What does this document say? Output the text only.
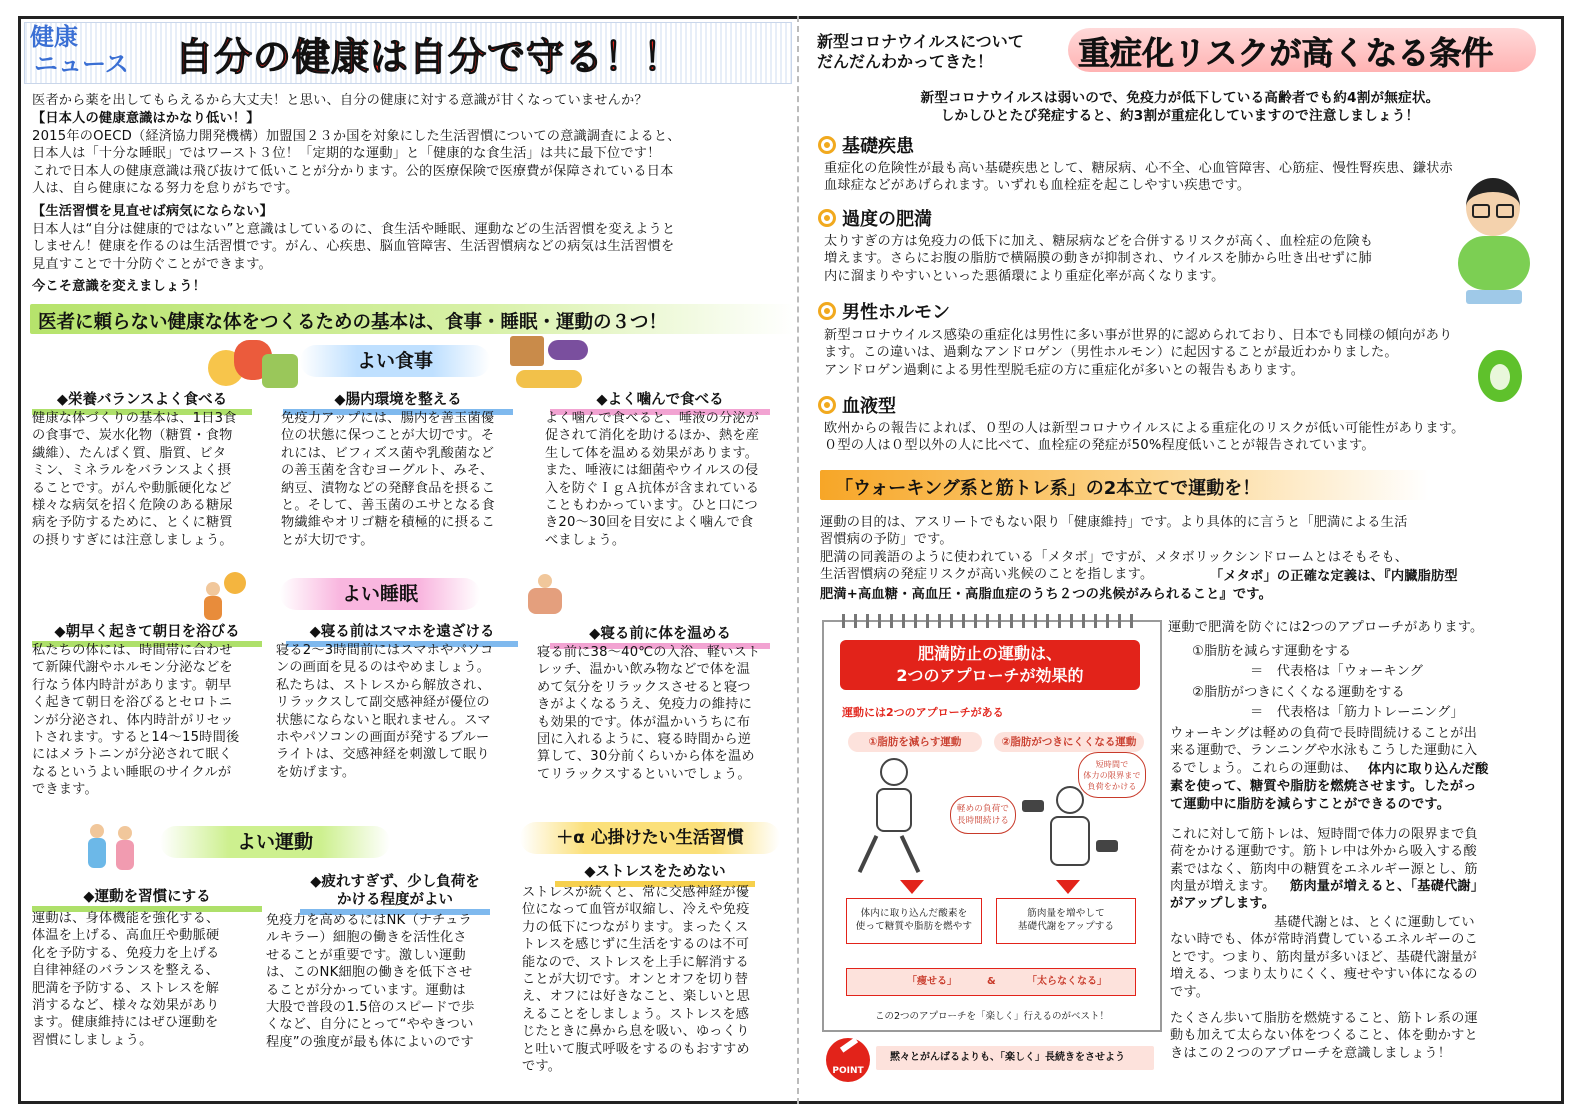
健康
ニュース	自分の健康は自分で守る！！
医者から薬を出してもらえるから大丈夫！と思い、自分の健康に対する意識が甘くなっていませんか？
【日本人の健康意識はかなり低い！】
2015年のOECD（経済協力開発機構）加盟国２３か国を対象にした生活習慣についての意識調査によると、
日本人は「十分な睡眠」ではワースト３位！「定期的な運動」と「健康的な食生活」は共に最下位です！
これで日本人の健康意識は飛び抜けて低いことが分かります。公的医療保険で医療費が保障されている日本
人は、自ら健康になる努力を怠りがちです。
【生活習慣を見直せば病気にならない】
日本人は“自分は健康的ではない”と意識はしているのに、食生活や睡眠、運動などの生活習慣を変えようと
しません！健康を作るのは生活習慣です。がん、心疾患、脳血管障害、生活習慣病などの病気は生活習慣を
見直すことで十分防ぐことができます。
今こそ意識を変えましょう！
医者に頼らない健康な体をつくるための基本は、食事・睡眠・運動の３つ！
よい食事
◆栄養バランスよく食べる
健康な体づくりの基本は、1日3食
の食事で、炭水化物（糖質・食物
繊維）、たんぱく質、脂質、ビタ
ミン、ミネラルをバランスよく摂
ることです。がんや動脈硬化など
様々な病気を招く危険のある糖尿
病を予防するために、とくに糖質
の摂りすぎには注意しましょう。
◆腸内環境を整える
免疫力アップには、腸内を善玉菌優
位の状態に保つことが大切です。そ
れには、ビフィズス菌や乳酸菌など
の善玉菌を含むヨーグルト、みそ、
納豆、漬物などの発酵食品を摂るこ
と。そして、善玉菌のエサとなる食
物繊維やオリゴ糖を積極的に摂るこ
とが大切です。
◆よく噛んで食べる
よく噛んで食べると、唾液の分泌が
促されて消化を助けるほか、熱を産
生して体を温める効果があります。
また、唾液には細菌やウイルスの侵
入を防ぐＩｇＡ抗体が含まれている
こともわかっています。ひと口につ
き20～30回を目安によく噛んで食
べましょう。
よい睡眠
◆朝早く起きて朝日を浴びる
私たちの体には、時間帯に合わせ
て新陳代謝やホルモン分泌などを
行なう体内時計があります。朝早
く起きて朝日を浴びるとセロトニ
ンが分泌され、体内時計がリセッ
トされます。すると14～15時間後
にはメラトニンが分泌されて眠く
なるというよい睡眠のサイクルが
できます。
◆寝る前はスマホを遠ざける
寝る2～3時間前にはスマホやパソコ
ンの画面を見るのはやめましょう。
私たちは、ストレスから解放され、
リラックスして副交感神経が優位の
状態にならないと眠れません。スマ
ホやパソコンの画面が発するブルー
ライトは、交感神経を刺激して眠り
を妨げます。
◆寝る前に体を温める
寝る前に38～40℃の入浴、軽いスト
レッチ、温かい飲み物などで体を温
めて気分をリラックスさせると寝つ
きがよくなるうえ、免疫力の維持に
も効果的です。体が温かいうちに布
団に入れるように、寝る時間から逆
算して、30分前くらいから体を温め
てリラックスするといいでしょう。
よい運動
◆運動を習慣にする
運動は、身体機能を強化する、
体温を上げる、高血圧や動脈硬
化を予防する、免疫力を上げる
自律神経のバランスを整える、
肥満を予防する、ストレスを解
消するなど、様々な効果があり
ます。健康維持にはぜひ運動を
習慣にしましょう。
◆疲れすぎず、少し負荷を
かける程度がよい
免疫力を高めるにはNK（ナチュラ
ルキラー）細胞の働きを活性化さ
せることが重要です。激しい運動
は、このNK細胞の働きを低下させ
ることが分かっています。運動は
大股で普段の1.5倍のスピードで歩
くなど、自分にとって“ややきつい
程度”の強度が最も体によいのです
＋α 心掛けたい生活習慣
◆ストレスをためない
ストレスが続くと、常に交感神経が優
位になって血管が収縮し、冷えや免疫
力の低下につながります。まったくス
トレスを感じずに生活をするのは不可
能なので、ストレスを上手に解消する
ことが大切です。オンとオフを切り替
え、オフには好きなこと、楽しいと思
えることをしましょう。ストレスを感
じたときに鼻から息を吸い、ゆっくり
と吐いて腹式呼吸をするのもおすすめ
です。
新型コロナウイルスについて
だんだんわかってきた！	重症化リスクが高くなる条件
新型コロナウイルスは弱いので、免疫力が低下している高齢者でも約4割が無症状。
しかしひとたび発症すると、約3割が重症化していますので注意しましょう！
基礎疾患
重症化の危険性が最も高い基礎疾患として、糖尿病、心不全、心血管障害、心筋症、慢性腎疾患、鎌状赤
血球症などがあげられます。いずれも血栓症を起こしやすい疾患です。
過度の肥満
太りすぎの方は免疫力の低下に加え、糖尿病などを合併するリスクが高く、血栓症の危険も
増えます。さらにお腹の脂肪で横隔膜の動きが抑制され、ウイルスを肺から吐き出せずに肺
内に溜まりやすいといった悪循環により重症化率が高くなります。
男性ホルモン
新型コロナウイルス感染の重症化は男性に多い事が世界的に認められており、日本でも同様の傾向があり
ます。この違いは、過剰なアンドロゲン（男性ホルモン）に起因することが最近わかりました。
アンドロゲン過剰による男性型脱毛症の方に重症化が多いとの報告もあります。
血液型
欧州からの報告によれば、０型の人は新型コロナウイルスによる重症化のリスクが低い可能性があります。
０型の人は０型以外の人に比べて、血栓症の発症が50%程度低いことが報告されています。
「ウォーキング系と筋トレ系」の2本立てで運動を！
運動の目的は、アスリートでもない限り「健康維持」です。より具体的に言うと「肥満による生活
習慣病の予防」です。
肥満の同義語のように使われている「メタボ」ですが、メタボリックシンドロームとはそもそも、
生活習慣病の発症リスクが高い兆候のことを指します。	「メタボ」の正確な定義は、『内臓脂肪型
肥満+高血糖・高血圧・高脂血症のうち２つの兆候がみられること』です。
肥満防止の運動は、
2つのアプローチが効果的
運動には2つのアプローチがある
①脂肪を減らす運動	②脂肪がつきにくくなる運動
軽めの負荷で
長時間続ける
短時間で
体力の限界まで
負荷をかける
体内に取り込んだ酸素を
使って糖質や脂肪を燃やす
筋肉量を増やして
基礎代謝をアップする
「痩せる」	&	「太らなくなる」
この2つのアプローチを「楽しく」行えるのがベスト！
POINT
黙々とがんばるよりも、「楽しく」長続きをさせよう
運動で肥満を防ぐには2つのアプローチがあります。
①脂肪を減らす運動をする
＝　代表格は「ウォーキング
②脂肪がつきにくくなる運動をする
＝　代表格は「筋力トレーニング」
ウォーキングは軽めの負荷で長時間続けることが出
来る運動で、ランニングや水泳もこうした運動に入
るでしょう。これらの運動は、 体内に取り込んだ酸
素を使って、糖質や脂肪を燃焼させます。したがっ
て運動中に脂肪を減らすことができるのです。
これに対して筋トレは、短時間で体力の限界まで負
荷をかける運動です。筋トレ中は外から吸入する酸
素ではなく、筋肉中の糖質をエネルギー源とし、筋
肉量が増えます。	筋肉量が増えると、「基礎代謝」
がアップします。
基礎代謝とは、とくに運動してい
ない時でも、体が常時消費しているエネルギーのこ
とです。つまり、筋肉量が多いほど、基礎代謝量が
増える、つまり太りにくく、痩せやすい体になるの
です。
たくさん歩いて脂肪を燃焼すること、筋トレ系の運
動も加えて太らない体をつくること、体を動かすと
きはこの２つのアプローチを意識しましょう！
